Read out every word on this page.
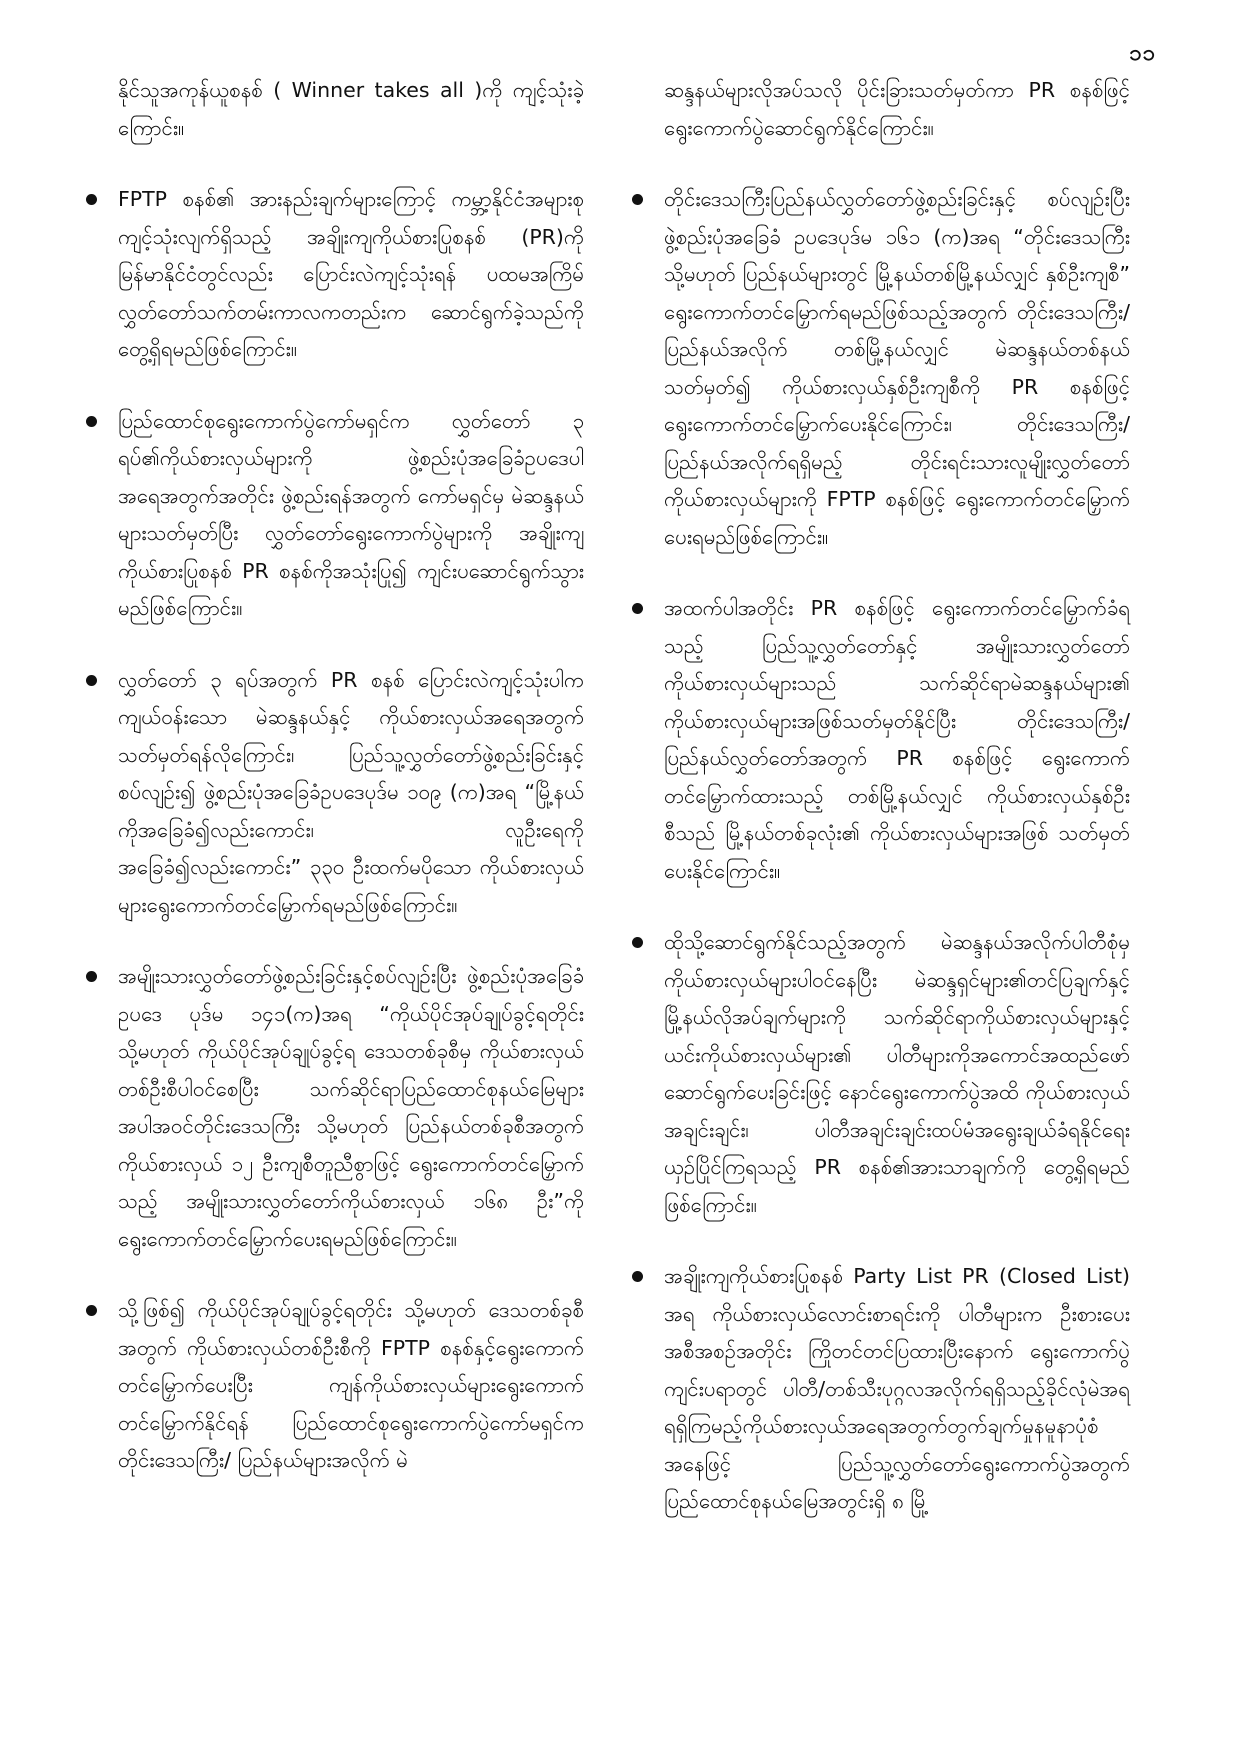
၁၁

နိုင်သူအကုန်ယူစနစ် ( Winner takes all )ကို ကျင့်သုံးခဲ့ကြောင်း။

FPTP စနစ်၏ အားနည်းချက်များကြောင့် ကမ္ဘာ့နိုင်ငံအများစုကျင့်သုံးလျက်ရှိသည့် အချိုးကျကိုယ်စားပြုစနစ် (PR)ကို မြန်မာနိုင်ငံတွင်လည်း ပြောင်းလဲကျင့်သုံးရန် ပထမအကြိမ်လွှတ်တော်သက်တမ်းကာလကတည်းက ဆောင်ရွက်ခဲ့သည်ကို တွေ့ရှိရမည်ဖြစ်ကြောင်း။
ပြည်ထောင်စုရွေးကောက်ပွဲကော်မရှင်က လွှတ်တော် ၃ ရပ်၏ကိုယ်စားလှယ်များကို ဖွဲ့စည်းပုံအခြေခံဥပဒေပါအရေအတွက်အတိုင်း ဖွဲ့စည်းရန်အတွက် ကော်မရှင်မှ မဲဆန္ဒနယ်များသတ်မှတ်ပြီး လွှတ်တော်ရွေးကောက်ပွဲများကို အချိုးကျကိုယ်စားပြုစနစ် PR စနစ်ကိုအသုံးပြု၍ ကျင်းပဆောင်ရွက်သွားမည်ဖြစ်ကြောင်း။
လွှတ်တော် ၃ ရပ်အတွက် PR စနစ် ပြောင်းလဲကျင့်သုံးပါက ကျယ်ဝန်းသော မဲဆန္ဒနယ်နှင့် ကိုယ်စားလှယ်အရေအတွက်သတ်မှတ်ရန်လိုကြောင်း၊ ပြည်သူ့လွှတ်တော်ဖွဲ့စည်းခြင်းနှင့်စပ်လျဉ်း၍ ဖွဲ့စည်းပုံအခြေခံဥပဒေပုဒ်မ ၁၀၉ (က)အရ “မြို့နယ်ကိုအခြေခံ၍လည်းကောင်း၊ လူဦးရေကို အခြေခံ၍လည်းကောင်း” ၃၃၀ ဦးထက်မပိုသော ကိုယ်စားလှယ်များရွေးကောက်တင်မြှောက်ရမည်ဖြစ်ကြောင်း။
အမျိုးသားလွှတ်တော်ဖွဲ့စည်းခြင်းနှင့်စပ်လျဉ်းပြီး ဖွဲ့စည်းပုံအခြေခံဥပဒေ ပုဒ်မ ၁၄၁(က)အရ “ကိုယ်ပိုင်အုပ်ချုပ်ခွင့်ရတိုင်း သို့မဟုတ် ကိုယ်ပိုင်အုပ်ချုပ်ခွင့်ရ ဒေသတစ်ခုစီမှ ကိုယ်စားလှယ်တစ်ဦးစီပါဝင်စေပြီး သက်ဆိုင်ရာပြည်ထောင်စုနယ်မြေများအပါအဝင်တိုင်းဒေသကြီး သို့မဟုတ် ပြည်နယ်တစ်ခုစီအတွက် ကိုယ်စားလှယ် ၁၂ ဦးကျစီတူညီစွာဖြင့် ရွေးကောက်တင်မြှောက်သည့် အမျိုးသားလွှတ်တော်ကိုယ်စားလှယ် ၁၆၈ ဦး”ကို ရွေးကောက်တင်မြှောက်ပေးရမည်ဖြစ်ကြောင်း။
သို့ဖြစ်၍ ကိုယ်ပိုင်အုပ်ချုပ်ခွင့်ရတိုင်း သို့မဟုတ် ဒေသတစ်ခုစီအတွက် ကိုယ်စားလှယ်တစ်ဦးစီကို FPTP စနစ်နှင့်ရွေးကောက်တင်မြှောက်ပေးပြီး ကျန်ကိုယ်စားလှယ်များရွေးကောက်တင်မြှောက်နိုင်ရန် ပြည်ထောင်စုရွေးကောက်ပွဲကော်မရှင်က တိုင်းဒေသကြီး/ ပြည်နယ်များအလိုက် မဲ

ဆန္ဒနယ်များလိုအပ်သလို ပိုင်းခြားသတ်မှတ်ကာ PR စနစ်ဖြင့် ရွေးကောက်ပွဲဆောင်ရွက်နိုင်ကြောင်း။

တိုင်းဒေသကြီးပြည်နယ်လွှတ်တော်ဖွဲ့စည်းခြင်းနှင့် စပ်လျဉ်းပြီး ဖွဲ့စည်းပုံအခြေခံ ဥပဒေပုဒ်မ ၁၆၁ (က)အရ “တိုင်းဒေသကြီး သို့မဟုတ် ပြည်နယ်များတွင် မြို့နယ်တစ်မြို့နယ်လျှင် နှစ်ဦးကျစီ” ရွေးကောက်တင်မြှောက်ရမည်ဖြစ်သည့်အတွက် တိုင်းဒေသကြီး/ ပြည်နယ်အလိုက် တစ်မြို့နယ်လျှင် မဲဆန္ဒနယ်တစ်နယ် သတ်မှတ်၍ ကိုယ်စားလှယ်နှစ်ဦးကျစီကို PR စနစ်ဖြင့် ရွေးကောက်တင်မြှောက်ပေးနိုင်ကြောင်း၊ တိုင်းဒေသကြီး/ပြည်နယ်အလိုက်ရရှိမည့် တိုင်းရင်းသားလူမျိုးလွှတ်တော်ကိုယ်စားလှယ်များကို FPTP စနစ်ဖြင့် ရွေးကောက်တင်မြှောက်ပေးရမည်ဖြစ်ကြောင်း။
အထက်ပါအတိုင်း PR စနစ်ဖြင့် ရွေးကောက်တင်မြှောက်ခံရသည့် ပြည်သူ့လွှတ်တော်နှင့် အမျိုးသားလွှတ်တော်ကိုယ်စားလှယ်များသည် သက်ဆိုင်ရာမဲဆန္ဒနယ်များ၏ ကိုယ်စားလှယ်များအဖြစ်သတ်မှတ်နိုင်ပြီး တိုင်းဒေသကြီး/ ပြည်နယ်လွှတ်တော်အတွက် PR စနစ်ဖြင့် ရွေးကောက်တင်မြှောက်ထားသည့် တစ်မြို့နယ်လျှင် ကိုယ်စားလှယ်နှစ်ဦးစီသည် မြို့နယ်တစ်ခုလုံး၏ ကိုယ်စားလှယ်များအဖြစ် သတ်မှတ်ပေးနိုင်ကြောင်း။
ထိုသို့ဆောင်ရွက်နိုင်သည့်အတွက် မဲဆန္ဒနယ်အလိုက်ပါတီစုံမှ ကိုယ်စားလှယ်များပါဝင်နေပြီး မဲဆန္ဒရှင်များ၏တင်ပြချက်နှင့် မြို့နယ်လိုအပ်ချက်များကို သက်ဆိုင်ရာကိုယ်စားလှယ်များနှင့် ယင်းကိုယ်စားလှယ်များ၏ ပါတီများကိုအကောင်အထည်ဖော်ဆောင်ရွက်ပေးခြင်းဖြင့် နောင်ရွေးကောက်ပွဲအထိ ကိုယ်စားလှယ်အချင်းချင်း၊ ပါတီအချင်းချင်းထပ်မံအရွေးချယ်ခံရနိုင်ရေး ယှဉ်ပြိုင်ကြရသည့် PR စနစ်၏အားသာချက်ကို တွေ့ရှိရမည်ဖြစ်ကြောင်း။
အချိုးကျကိုယ်စားပြုစနစ် Party List PR (Closed List) အရ ကိုယ်စားလှယ်လောင်းစာရင်းကို ပါတီများက ဦးစားပေးအစီအစဉ်အတိုင်း ကြိုတင်တင်ပြထားပြီးနောက် ရွေးကောက်ပွဲကျင်းပရာတွင် ပါတီ/တစ်သီးပုဂ္ဂလအလိုက်ရရှိသည့်ခိုင်လုံမဲအရ ရရှိကြမည့်ကိုယ်စားလှယ်အရေအတွက်တွက်ချက်မှုနမူနာပုံစံအနေဖြင့် ပြည်သူ့လွှတ်တော်ရွေးကောက်ပွဲအတွက် ပြည်ထောင်စုနယ်မြေအတွင်းရှိ ၈ မြို့
